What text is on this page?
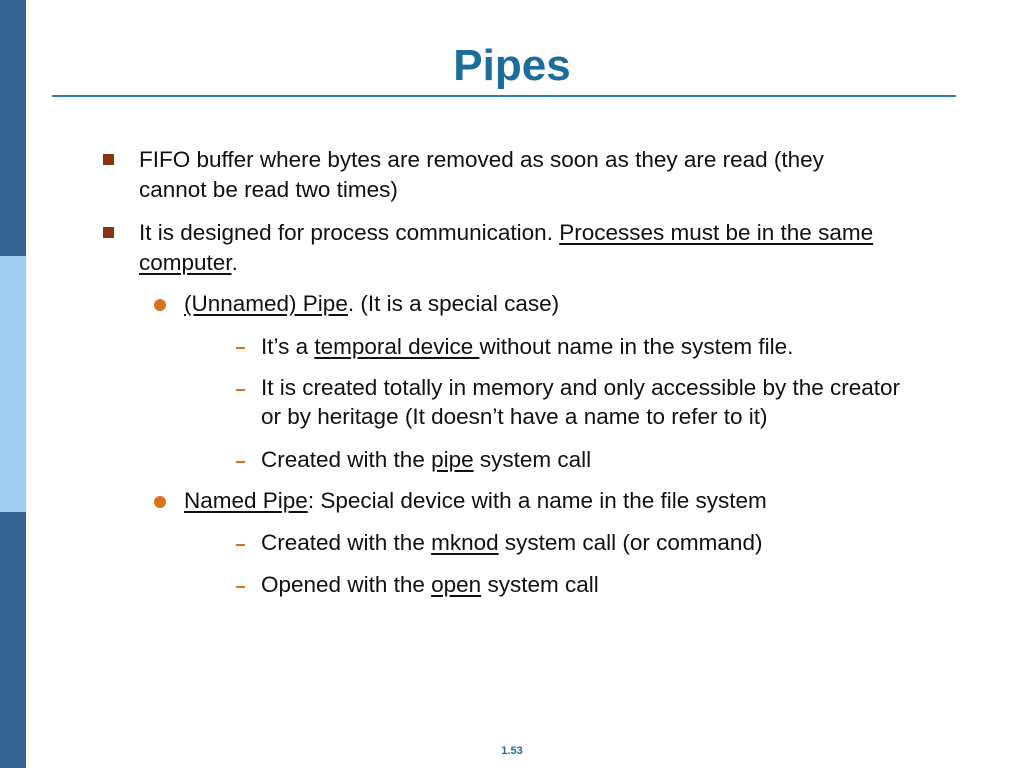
Pipes
FIFO buffer where bytes are removed as soon as they are read (they
cannot be read two times)
It is designed for process communication. Processes must be in the same
computer.
(Unnamed) Pipe. (It is a special case)
It’s a temporal device without name in the system file.
It is created totally in memory and only accessible by the creator
or by heritage (It doesn’t have a name to refer to it)
Created with the pipe system call
Named Pipe: Special device with a name in the file system
Created with the mknod system call (or command)
Opened with the open system call
1.53
